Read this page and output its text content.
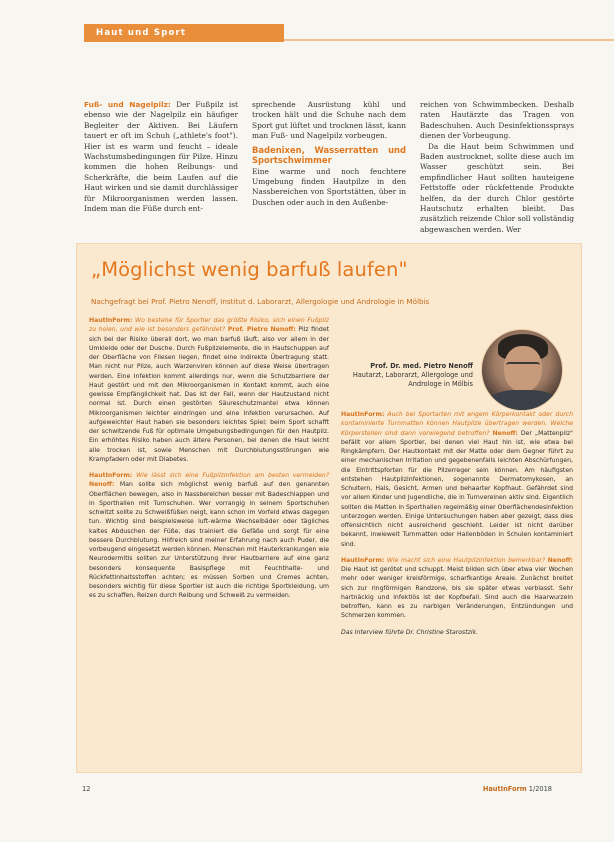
Haut und Sport
Fuß- und Nagelpilz: Der Fußpilz ist ebenso wie der Nagelpilz ein häufiger Begleiter der Aktiven. Bei Läufern tauert er oft im Schuh („athlete's foot"). Hier ist es warm und feucht – ideale Wachstumsbedingungen für Pilze. Hinzu kommen die hohen Reibungs- und Scherkräfte, die beim Laufen auf die Haut wirken und sie damit durchlässiger für Mikroorganismen werden lassen. Indem man die Füße durch ent-
sprechende Ausrüstung kühl und trocken hält und die Schuhe nach dem Sport gut lüftet und trocknen lässt, kann man Fuß- und Nagelpilz vorbeugen.
Badenixen, Wasserratten und Sportschwimmer
Eine warme und noch feuchtere Umgebung finden Hautpilze in den Nassbereichen von Sportstätten, über in Duschen oder auch in den Außenbe-
reichen von Schwimmbecken. Deshalb raten Hautärzte das Tragen von Badeschuhen. Auch Desinfektionssprays dienen der Vorbeugung.
Da die Haut beim Schwimmen und Baden austrocknet, sollte diese auch im Wasser geschützt sein. Bei empfindlicher Haut sollten hauteigene Fettstoffe oder rückfettende Produkte helfen, da der durch Chlor gestörte Hautschutz erhalten bleibt. Das zusätzlich reizende Chlor soll vollständig abgewaschen werden. Wer
„Möglichst wenig barfuß laufen"
Nachgefragt bei Prof. Pietro Nenoff, Institut d. Laborarzt, Allergologie und Andrologie in Mölbis
Prof. Dr. med. Pietro Nenoff
Hautarzt, Laborarzt, Allergologe und Androloge in Mölbis
HautInForm: Wo bestehe für Sportler das größte Risiko, sich einen Fußpilz zu holen, und wie ist besonders gefährdet? Prof. Pietro Nenoff: Pilz findet sich bei der Risiko überall dort, wo man barfuß läuft, also vor allem in der Umkleide oder der Dusche. Durch Fußpilzelemente, die in Hautschuppen auf der Oberfläche von Fliesen liegen, findet eine indirekte Übertragung statt. Man nicht nur Pilze, auch Warzenviren können auf diese Weise übertragen werden. Eine Infektion kommt allerdings nur, wenn die Schutzbarriere der Haut gestört und mit den Mikroorganismen in Kontakt kommt, auch eine gewisse Empfänglichkeit hat. Das ist der Fall, wenn der Hautzustand nicht normal ist. Durch einen gestörten Säureschutzmantel etwa können Mikroorganismen leichter eindringen und eine Infektion verursachen. Auf aufgeweichter Haut haben sie besonders leichtes Spiel; beim Sport schafft der schwitzende Fuß für optimale Umgebungsbedingungen für den Hautpilz. Ein erhöhtes Risiko haben auch ältere Personen, bei denen die Haut leicht alle trocken ist, sowie Menschen mit Durchblutungsstörungen wie Krampfadern oder mit Diabetes.
HautInForm: Wie lässt sich eine Fußpilzinfektion am besten vermeiden? Nenoff: Man sollte sich möglichst wenig barfuß auf den genannten Oberflächen bewegen, also in Nassbereichen besser mit Badeschlappen und in Sporthallen mit Turnschuhen. Wer vorrangig in seinem Sportschuhen schwitzt sollte zu Schweißfüßen neigt, kann schon im Vorfeld etwas dagegen tun. Wichtig sind beispielsweise luft-wärme Wechselbäder oder tägliches kaltes Abduschen der Füße, das trainiert die Gefäße und sorgt für eine bessere Durchblutung. Hilfreich sind meiner Erfahrung nach auch Puder, die vorbeugend eingesetzt werden können. Menschen mit Hauterkrankungen wie Neurodermitis sollten zur Unterstützung ihrer Hautbarriere auf eine ganz besonders konsequente Basispflege mit Feuchthalte- und Rückfettinhaltsstoffen achten; es müssen Sorben und Cremes achten, besonders wichtig für diese Sportler ist auch die richtige Sportkleidung, um es zu schaffen, Reizen durch Reibung und Schweiß zu vermeiden.
HautInForm: Auch bei Sportarten mit engem Körperkontakt oder durch kontaminierte Turnmatten können Hautpilze übertragen werden. Welche Körperstellen sind dann vorwiegend betroffen? Nenoff: Der „Mattenpilz" befällt vor allem Sportler, bei denen viel Haut hin ist, wie etwa bei Ringkämpfern. Der Hautkontakt mit der Matte oder dem Gegner führt zu einer mechanischen Irritation und gegebenenfalls leichten Abschürfungen, die Eintrittspforten für die Pilzerreger sein können. Am häufigsten entstehen Hautpilzinfektionen, sogenannte Dermatomykosen, an Schultern, Hals, Gesicht, Armen und behaarter Kopfhaut. Gefährdet sind vor allem Kinder und Jugendliche, die in Turnvereinen aktiv sind. Eigentlich sollten die Matten in Sporthallen regelmäßig einer Oberflächendesinfektion unterzogen werden. Einige Untersuchungen haben aber gezeigt, dass dies offensichtlich nicht ausreichend geschieht. Leider ist nicht darüber bekannt, inwieweit Turnmatten oder Hallenböden in Schulen kontaminiert sind.
HautInForm: Wie macht sich eine Hautpilzinfektion bemerkbar? Nenoff: Die Haut ist gerötet und schuppt. Meist bilden sich über etwa vier Wochen mehr oder weniger kreisförmige, scharfkantige Areale. Zunächst breitet sich zur ringförmigen Randzone, bis sie später etwas verblasst. Sehr hartnäckig und infektiös ist der Kopfbefall. Sind auch die Haarwurzeln betroffen, kann es zu narbigen Veränderungen, Entzündungen und Schmerzen kommen.
Das Interview führte Dr. Christine Starostzik.
12	HautInForm 1/2018
